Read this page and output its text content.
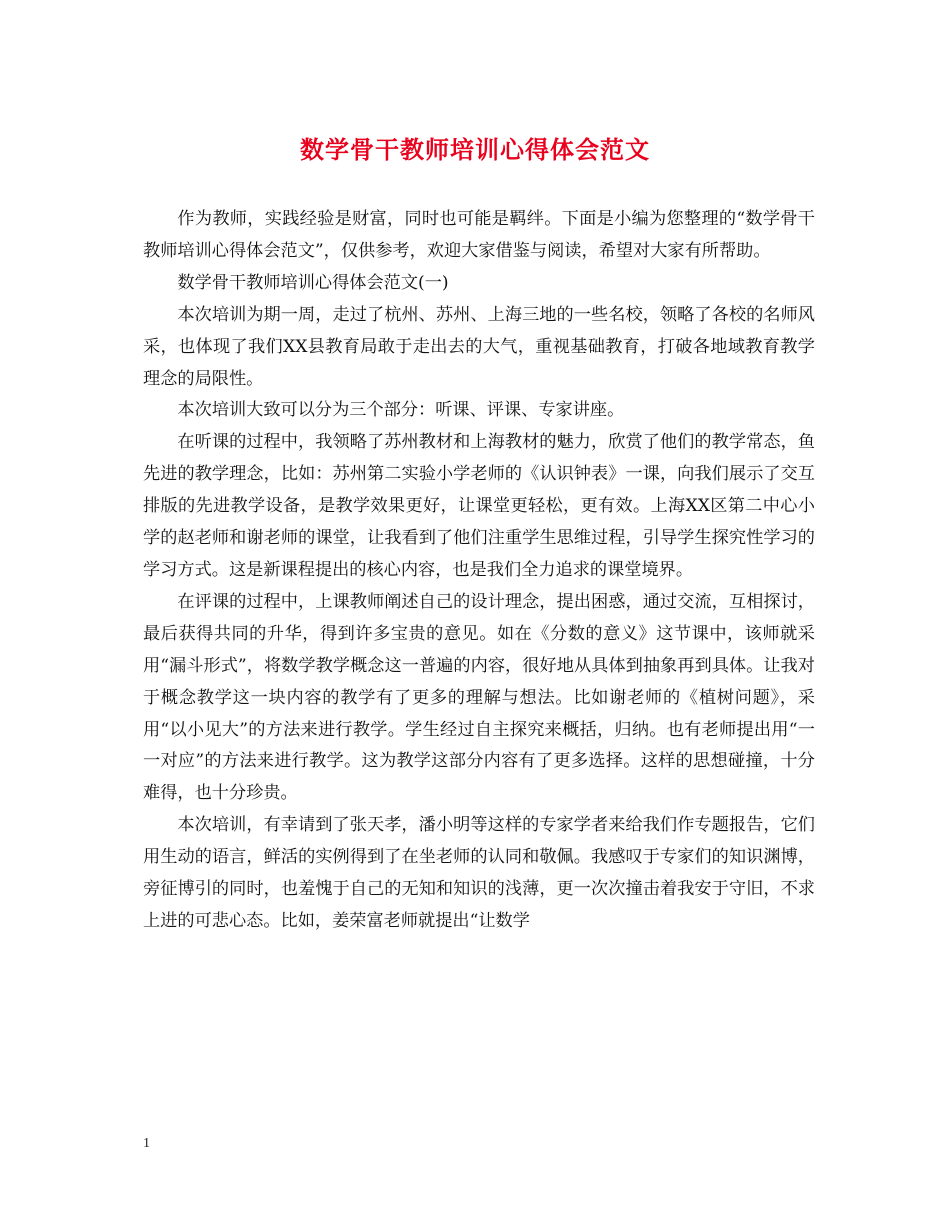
数学骨干教师培训心得体会范文

作为教师，实践经验是财富，同时也可能是羁绊。下面是小编为您整理的“数学骨干教师培训心得体会范文”，仅供参考，欢迎大家借鉴与阅读，希望对大家有所帮助。

数学骨干教师培训心得体会范文(一)

本次培训为期一周，走过了杭州、苏州、上海三地的一些名校，领略了各校的名师风采，也体现了我们XX县教育局敢于走出去的大气，重视基础教育，打破各地域教育教学理念的局限性。

本次培训大致可以分为三个部分：听课、评课、专家讲座。

在听课的过程中，我领略了苏州教材和上海教材的魅力，欣赏了他们的教学常态，鱼先进的教学理念，比如：苏州第二实验小学老师的《认识钟表》一课，向我们展示了交互排版的先进教学设备，是教学效果更好，让课堂更轻松，更有效。上海XX区第二中心小学的赵老师和谢老师的课堂，让我看到了他们注重学生思维过程，引导学生探究性学习的学习方式。这是新课程提出的核心内容，也是我们全力追求的课堂境界。

在评课的过程中，上课教师阐述自己的设计理念，提出困惑，通过交流，互相探讨，最后获得共同的升华，得到许多宝贵的意见。如在《分数的意义》这节课中，该师就采用“漏斗形式”，将数学教学概念这一普遍的内容，很好地从具体到抽象再到具体。让我对于概念教学这一块内容的教学有了更多的理解与想法。比如谢老师的《植树问题》，采用“以小见大”的方法来进行教学。学生经过自主探究来概括，归纳。也有老师提出用“一一对应”的方法来进行教学。这为教学这部分内容有了更多选择。这样的思想碰撞，十分难得，也十分珍贵。

本次培训，有幸请到了张天孝，潘小明等这样的专家学者来给我们作专题报告，它们用生动的语言，鲜活的实例得到了在坐老师的认同和敬佩。我感叹于专家们的知识渊博，旁征博引的同时，也羞愧于自己的无知和知识的浅薄，更一次次撞击着我安于守旧，不求上进的可悲心态。比如，姜荣富老师就提出“让数学

1
